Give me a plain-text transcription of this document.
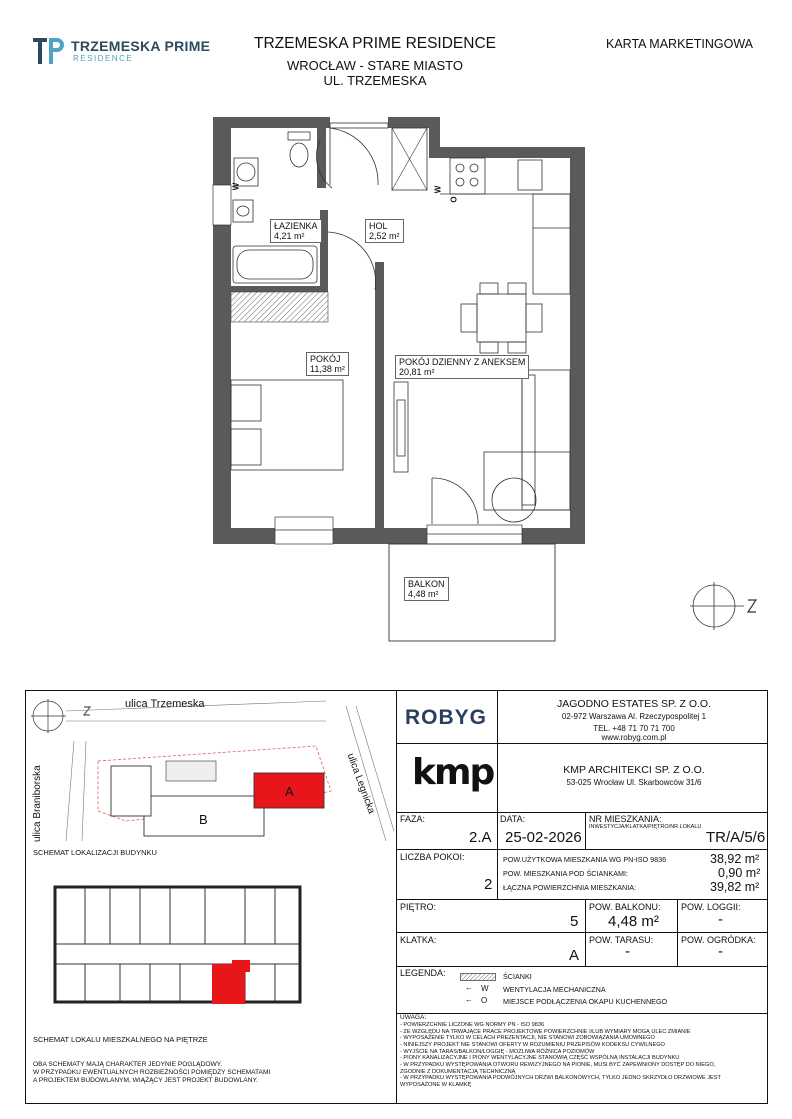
TRZEMESKA PRIME
RESIDENCE
TRZEMESKA PRIME RESIDENCE
WROCŁAW - STARE MIASTO
UL. TRZEMESKA
KARTA MARKETINGOWA
ŁAZIENKA
4,21 m²
HOL
2,52 m²
POKÓJ
11,38 m²
POKÓJ DZIENNY Z ANEKSEM
20,81 m²
BALKON
4,48 m²
W	W
O
ulica Trzemeska
ulica Braniborska	ulica Legnicka
A
B
SCHEMAT LOKALIZACJI BUDYNKU
SCHEMAT LOKALU MIESZKALNEGO NA PIĘTRZE
OBA SCHEMATY MAJĄ CHARAKTER JEDYNIE POGLĄDOWY.
W PRZYPADKU EWENTUALNYCH ROZBIEŻNOŚCI POMIĘDZY SCHEMATAMI
A PROJEKTEM BUDOWLANYM, WIĄŻĄCY JEST PROJEKT BUDOWLANY.
ROBYG
JAGODNO ESTATES SP. Z O.O.
02-972 Warszawa Al. Rzeczypospolitej 1
TEL. +48 71 70 71 700
www.robyg.com.pl
kmp	KMP ARCHITEKCI SP. Z O.O.
53-025 Wrocław Ul. Skarbowców 31/6
FAZA:
2.A
DATA:
25-02-2026
NR MIESZKANIA:
INWESTYCJA/KLATKA/PIĘTRO/NR LOKALU
TR/A/5/6
LICZBA POKOI:
2
POW.UŻYTKOWA MIESZKANIA WG PN-ISO 9836	38,92 m²
POW. MIESZKANIA POD ŚCIANKAMI:	0,90 m²
ŁĄCZNA POWIERZCHNIA MIESZKANIA:	39,82 m²
PIĘTRO:
5
POW. BALKONU:
4,48 m²
POW. LOGGII:
-
KLATKA:
A
POW. TARASU:
-
POW. OGRÓDKA:
-
LEGENDA:	ŚCIANKI
← W WENTYLACJA MECHANICZNA
← O MIEJSCE PODŁĄCZENIA OKAPU KUCHENNEGO
UWAGA:
- POWIERZCHNIE LICZONE WG NORMY PN - ISO 9836
- ZE WZGLĘDU NA TRWAJĄCE PRACE PROJEKTOWE POWIERZCHNIE I/LUB WYMIARY MOGĄ ULEC ZMIANIE
- WYPOSAŻENIE TYLKO W CELACH PREZENTACJI, NIE STANOWI ZOBOWIĄZANIA UMOWNEGO
- NINIEJSZY PROJEKT NIE STANOWI OFERTY W ROZUMIENIU PRZEPISÓW KODEKSU CYWILNEGO
- WYJŚCIE NA TARAS/BALKON/LOGGIĘ - MOŻLIWA RÓŻNICA POZIOMÓW
- PIONY KANALIZACYJNE I PIONY WENTYLACYJNE STANOWIĄ CZĘŚĆ WSPÓLNĄ INSTALACJI BUDYNKU
- W PRZYPADKU WYSTĘPOWANIA OTWORU REWIZYJNEGO NA PIONIE, MUSI BYĆ ZAPEWNIONY DOSTĘP DO NIEGO,
ZGODNIE Z DOKUMENTACJĄ TECHNICZNĄ
- W PRZYPADKU WYSTĘPOWANIA PODWÓJNYCH DRZWI BALKONOWYCH, TYLKO JEDNO SKRZYDŁO DRZWIOWE JEST
WYPOSAŻONE W KLAMKĘ
